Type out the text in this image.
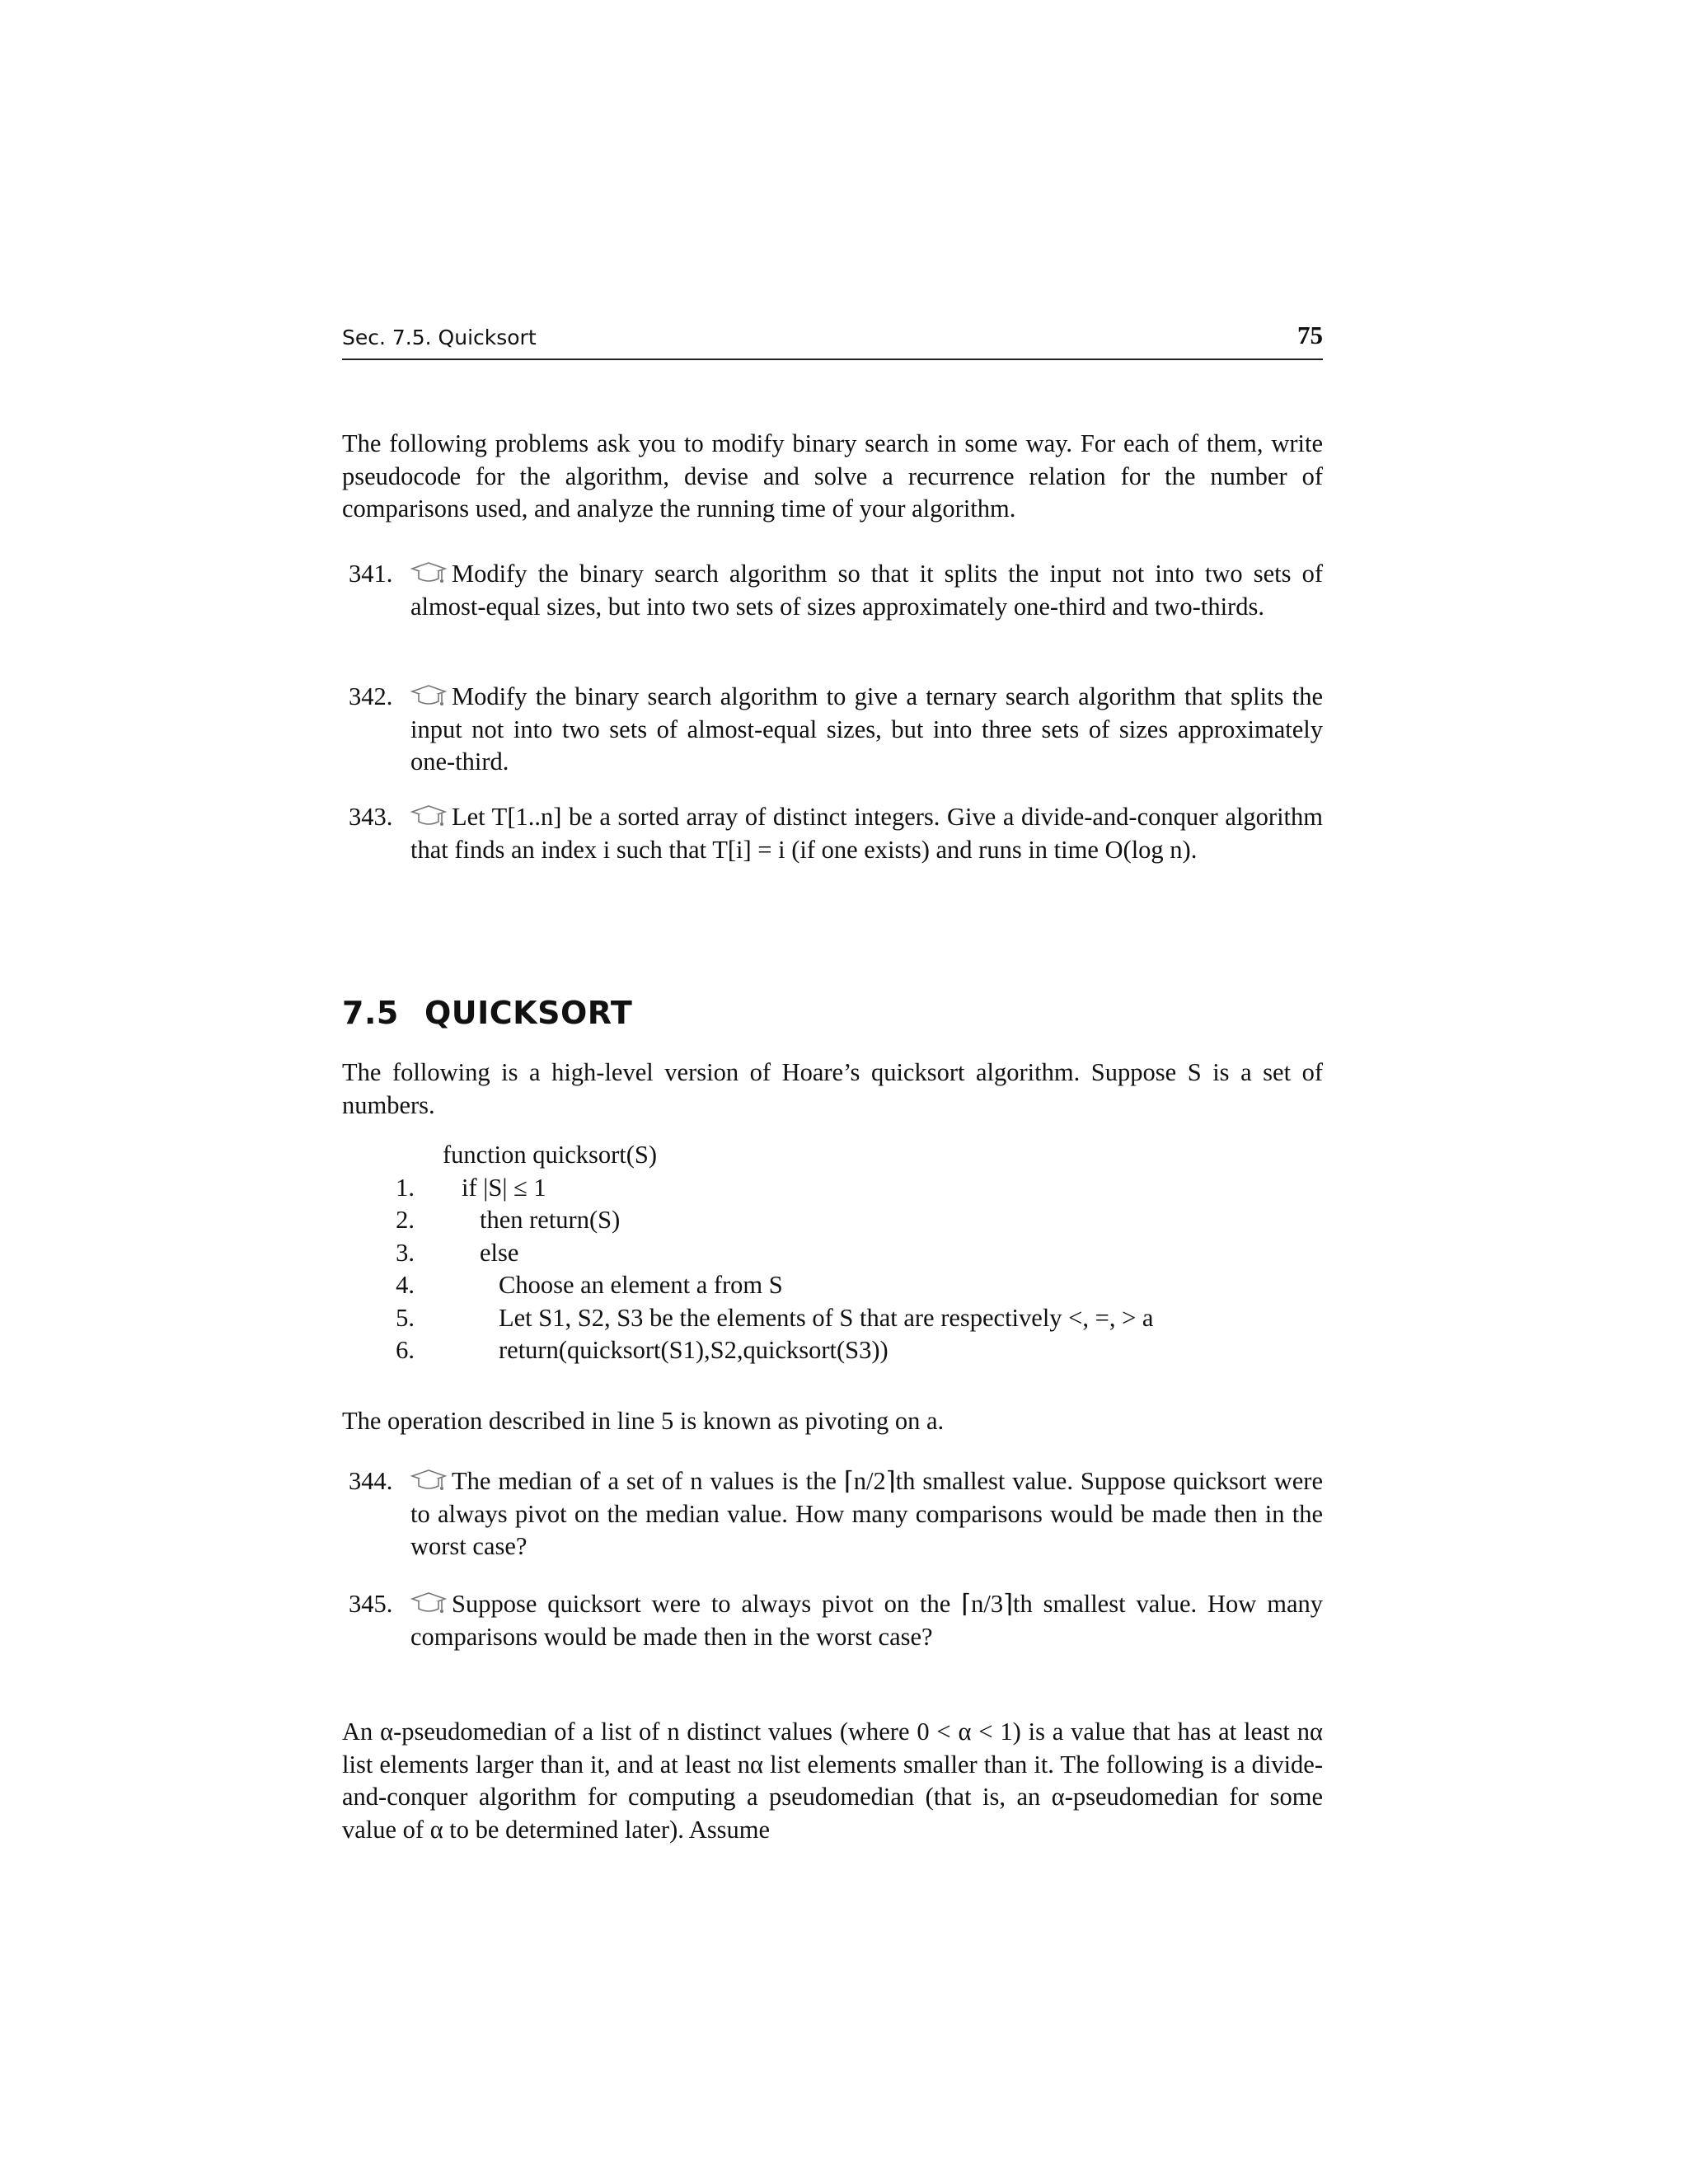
Sec. 7.5. Quicksort	75
The following problems ask you to modify binary search in some way. For each of them, write pseudocode for the algorithm, devise and solve a recurrence relation for the number of comparisons used, and analyze the running time of your algorithm.
341.	Modify the binary search algorithm so that it splits the input not into two sets of almost-equal sizes, but into two sets of sizes approximately one-third and two-thirds.
342.	Modify the binary search algorithm to give a ternary search algorithm that splits the input not into two sets of almost-equal sizes, but into three sets of sizes approximately one-third.
343.	Let T[1..n] be a sorted array of distinct integers. Give a divide-and-conquer algorithm that finds an index i such that T[i] = i (if one exists) and runs in time O(log n).
7.5 QUICKSORT
The following is a high-level version of Hoare’s quicksort algorithm. Suppose S is a set of numbers.
function quicksort(S)
1. if |S| ≤ 1
2.	then return(S)
3.	else
4.	Choose an element a from S
5.	Let S1, S2, S3 be the elements of S that are respectively <, =, > a
6.	return(quicksort(S1),S2,quicksort(S3))
The operation described in line 5 is known as pivoting on a.
344.	The median of a set of n values is the ⌈n/2⌉th smallest value. Suppose quicksort were to always pivot on the median value. How many comparisons would be made then in the worst case?
345.	Suppose quicksort were to always pivot on the ⌈n/3⌉th smallest value. How many comparisons would be made then in the worst case?
An α-pseudomedian of a list of n distinct values (where 0 < α < 1) is a value that has at least nα list elements larger than it, and at least nα list elements smaller than it. The following is a divide-and-conquer algorithm for computing a pseudomedian (that is, an α-pseudomedian for some value of α to be determined later). Assume
